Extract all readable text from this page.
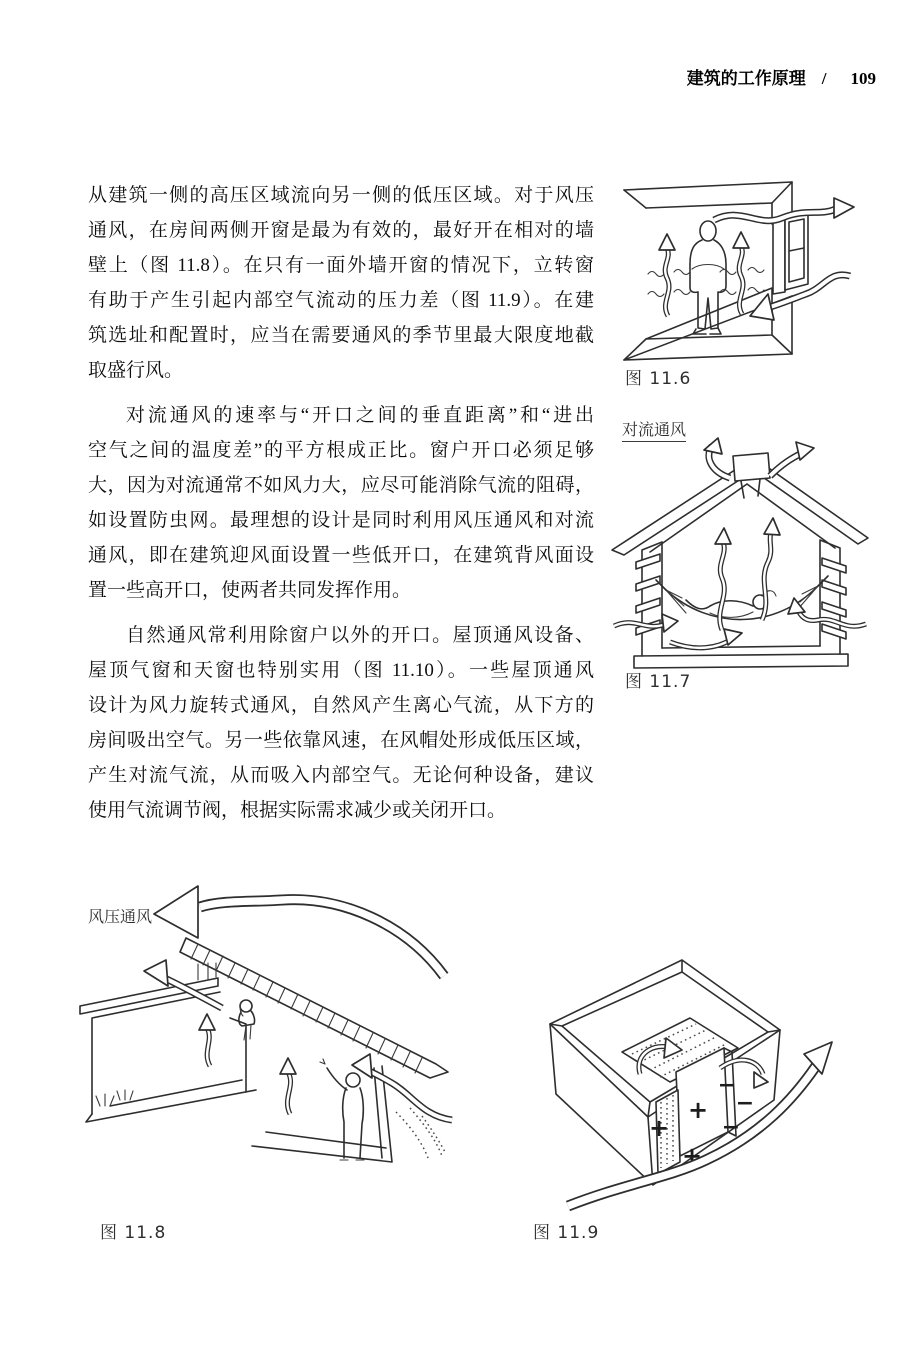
建筑的工作原理 / 109
从建筑一侧的高压区域流向另一侧的低压区域。对于风压
通风，在房间两侧开窗是最为有效的，最好开在相对的墙
壁上（图 11.8）。在只有一面外墙开窗的情况下，立转窗
有助于产生引起内部空气流动的压力差（图 11.9）。在建
筑选址和配置时，应当在需要通风的季节里最大限度地截
取盛行风。
对流通风的速率与“开口之间的垂直距离”和“进出
空气之间的温度差”的平方根成正比。窗户开口必须足够
大，因为对流通常不如风力大，应尽可能消除气流的阻碍，
如设置防虫网。最理想的设计是同时利用风压通风和对流
通风，即在建筑迎风面设置一些低开口，在建筑背风面设
置一些高开口，使两者共同发挥作用。
自然通风常利用除窗户以外的开口。屋顶通风设备、
屋顶气窗和天窗也特别实用（图 11.10）。一些屋顶通风
设计为风力旋转式通风，自然风产生离心气流，从下方的
房间吸出空气。另一些依靠风速，在风帽处形成低压区域，
产生对流气流，从而吸入内部空气。无论何种设备，建议
使用气流调节阀，根据实际需求减少或关闭开口。
图 11.6
对流通风
图 11.7
风压通风
图 11.8
+
+
+
−
−
−
图 11.9
